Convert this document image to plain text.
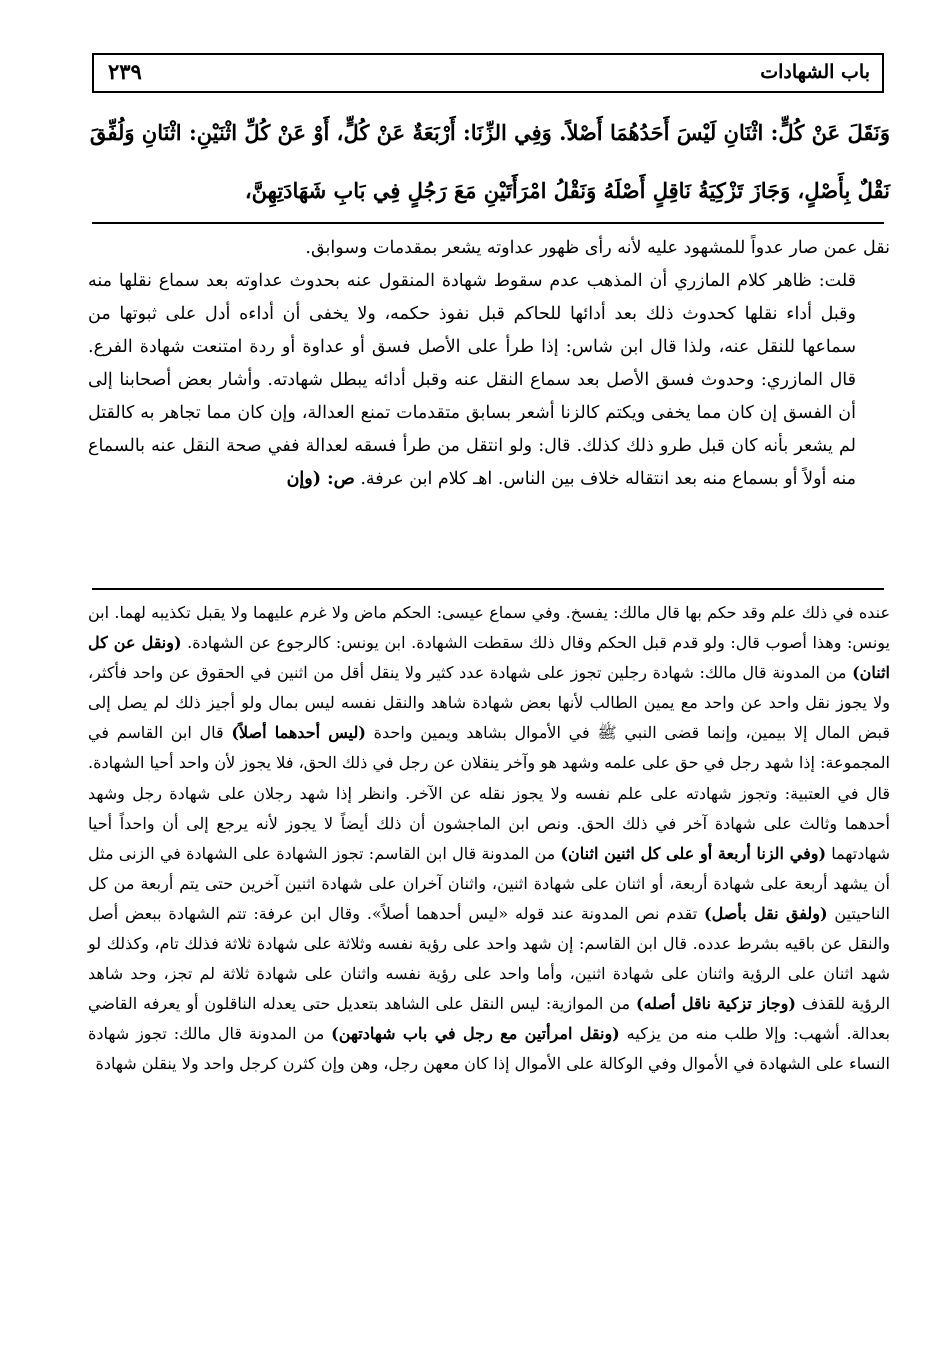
باب الشهادات
٢٣٩

وَنَقَلَ عَنْ كُلٍّ: اثْنَانِ لَيْسَ أَحَدُهُمَا أَصْلاً. وَفِي الزِّنَا: أَرْبَعَةٌ عَنْ كُلٍّ، أَوْ عَنْ كُلِّ اثْنَيْنِ: اثْنَانِ وَلُفِّقَ

نَقْلٌ بِأَصْلٍ، وَجَازَ تَزْكِيَةُ نَاقِلٍ أَصْلَهُ وَنَقْلُ امْرَأَتَيْنِ مَعَ رَجُلٍ فِي بَابِ شَهَادَتِهِنَّ،

نقل عمن صار عدواً للمشهود عليه لأنه رأى ظهور عداوته يشعر بمقدمات وسوابق.

قلت: ظاهر كلام المازري أن المذهب عدم سقوط شهادة المنقول عنه بحدوث عداوته بعد سماع نقلها منه وقبل أداء نقلها كحدوث ذلك بعد أدائها للحاكم قبل نفوذ حكمه، ولا يخفى أن أداءه أدل على ثبوتها من سماعها للنقل عنه، ولذا قال ابن شاس: إذا طرأ على الأصل فسق أو عداوة أو ردة امتنعت شهادة الفرع. قال المازري: وحدوث فسق الأصل بعد سماع النقل عنه وقبل أدائه يبطل شهادته. وأشار بعض أصحابنا إلى أن الفسق إن كان مما يخفى ويكتم كالزنا أشعر بسابق متقدمات تمنع العدالة، وإن كان مما تجاهر به كالقتل لم يشعر بأنه كان قبل طرو ذلك كذلك. قال: ولو انتقل من طرأ فسقه لعدالة ففي صحة النقل عنه بالسماع منه أولاً أو بسماع منه بعد انتقاله خلاف بين الناس. اهـ كلام ابن عرفة. ص: (وإن

عنده في ذلك علم وقد حكم بها قال مالك: يفسخ. وفي سماع عيسى: الحكم ماض ولا غرم عليهما ولا يقبل تكذيبه لهما. ابن يونس: وهذا أصوب قال: ولو قدم قبل الحكم وقال ذلك سقطت الشهادة. ابن يونس: كالرجوع عن الشهادة. (ونقل عن كل اثنان) من المدونة قال مالك: شهادة رجلين تجوز على شهادة عدد كثير ولا ينقل أقل من اثنين في الحقوق عن واحد فأكثر، ولا يجوز نقل واحد عن واحد مع يمين الطالب لأنها بعض شهادة شاهد والنقل نفسه ليس بمال ولو أجيز ذلك لم يصل إلى قبض المال إلا بيمين، وإنما قضى النبي ﷺ في الأموال بشاهد ويمين واحدة (ليس أحدهما أصلاً) قال ابن القاسم في المجموعة: إذا شهد رجل في حق على علمه وشهد هو وآخر ينقلان عن رجل في ذلك الحق، فلا يجوز لأن واحد أحيا الشهادة. قال في العتبية: وتجوز شهادته على علم نفسه ولا يجوز نقله عن الآخر. وانظر إذا شهد رجلان على شهادة رجل وشهد أحدهما وثالث على شهادة آخر في ذلك الحق. ونص ابن الماجشون أن ذلك أيضاً لا يجوز لأنه يرجع إلى أن واحداً أحيا شهادتهما (وفي الزنا أربعة أو على كل اثنين اثنان) من المدونة قال ابن القاسم: تجوز الشهادة على الشهادة في الزنى مثل أن يشهد أربعة على شهادة أربعة، أو اثنان على شهادة اثنين، واثنان آخران على شهادة اثنين آخرين حتى يتم أربعة من كل الناحيتين (ولفق نقل بأصل) تقدم نص المدونة عند قوله «ليس أحدهما أصلاً». وقال ابن عرفة: تتم الشهادة ببعض أصل والنقل عن باقيه بشرط عدده. قال ابن القاسم: إن شهد واحد على رؤية نفسه وثلاثة على شهادة ثلاثة فذلك تام، وكذلك لو شهد اثنان على الرؤية واثنان على شهادة اثنين، وأما واحد على رؤية نفسه واثنان على شهادة ثلاثة لم تجز، وحد شاهد الرؤية للقذف (وجاز تزكية ناقل أصله) من الموازية: ليس النقل على الشاهد بتعديل حتى يعدله الناقلون أو يعرفه القاضي بعدالة. أشهب: وإلا طلب منه من يزكيه (ونقل امرأتين مع رجل في باب شهادتهن) من المدونة قال مالك: تجوز شهادة النساء على الشهادة في الأموال وفي الوكالة على الأموال إذا كان معهن رجل، وهن وإن كثرن كرجل واحد ولا ينقلن شهادة
